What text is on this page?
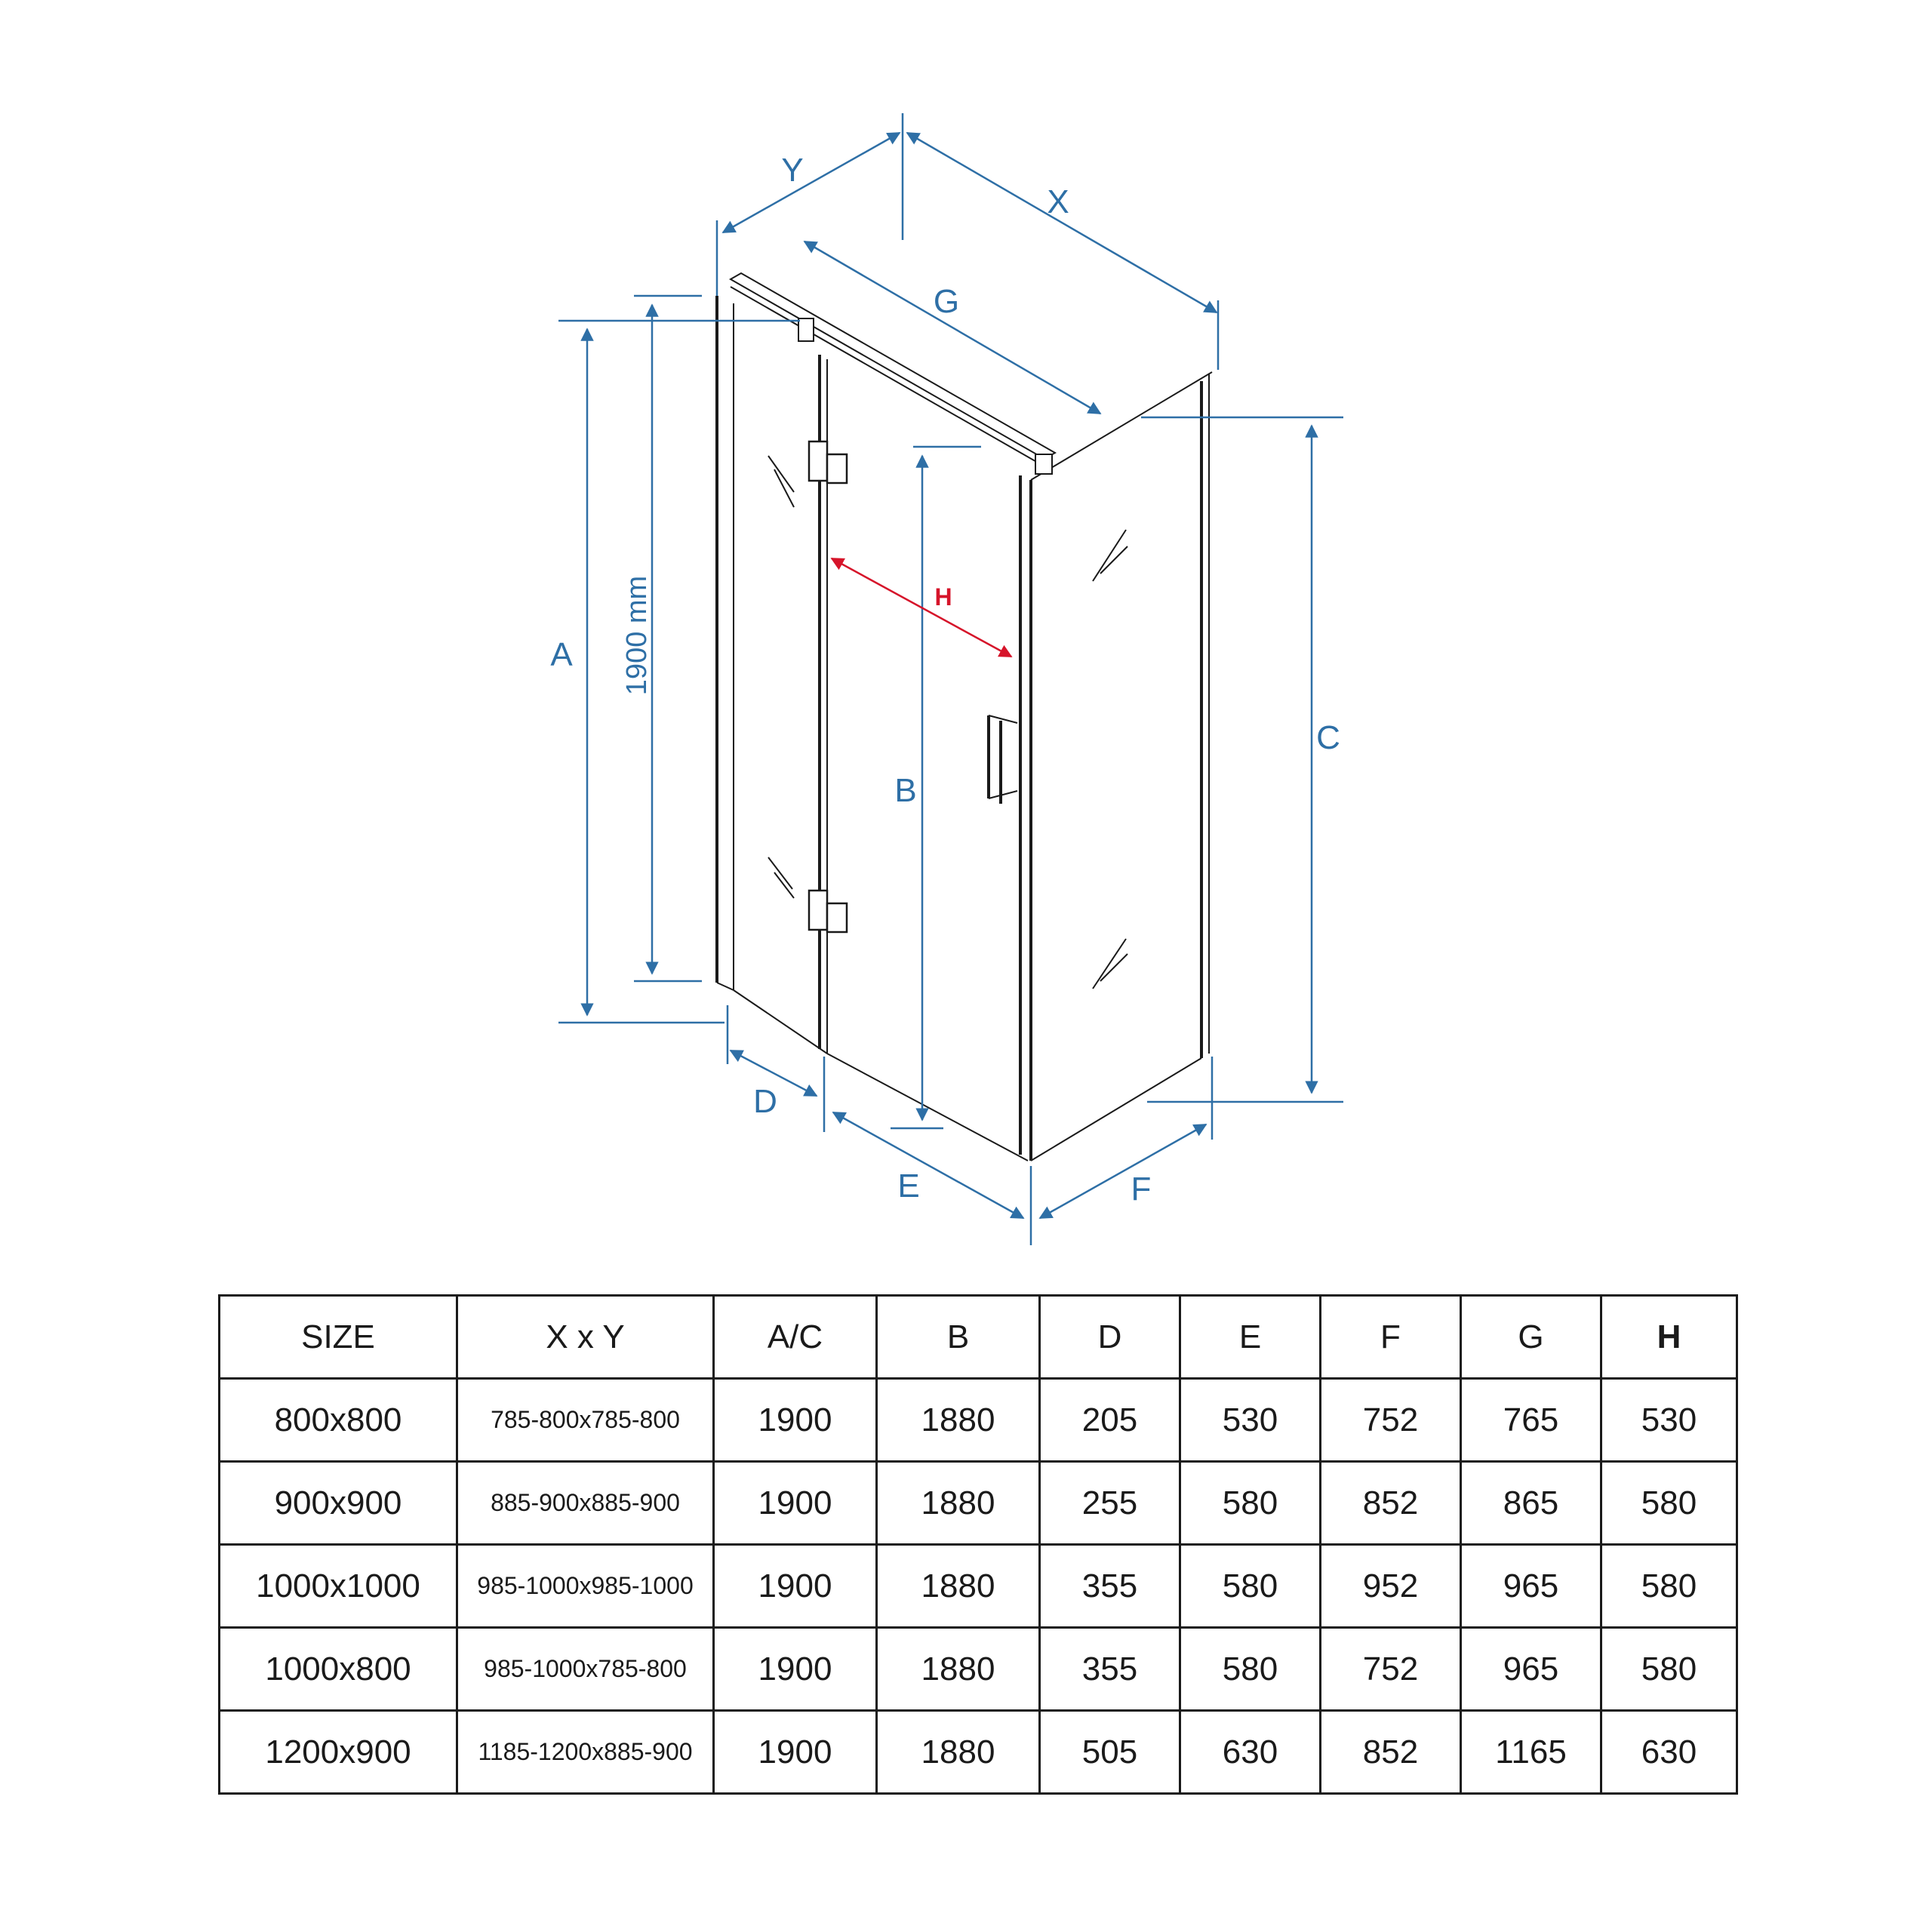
Y
X
G
A 1900 mm
B
C
H
D
E	F
SIZE	X x Y	A/C	B	D	E	F	G	H
800x800	785-800x785-800	1900	1880	205	530	752	765	530
900x900	885-900x885-900	1900	1880	255	580	852	865	580
1000x1000	985-1000x985-1000	1900	1880	355	580	952	965	580
1000x800	985-1000x785-800	1900	1880	355	580	752	965	580
1200x900	1185-1200x885-900	1900	1880	505	630	852	1165	630
